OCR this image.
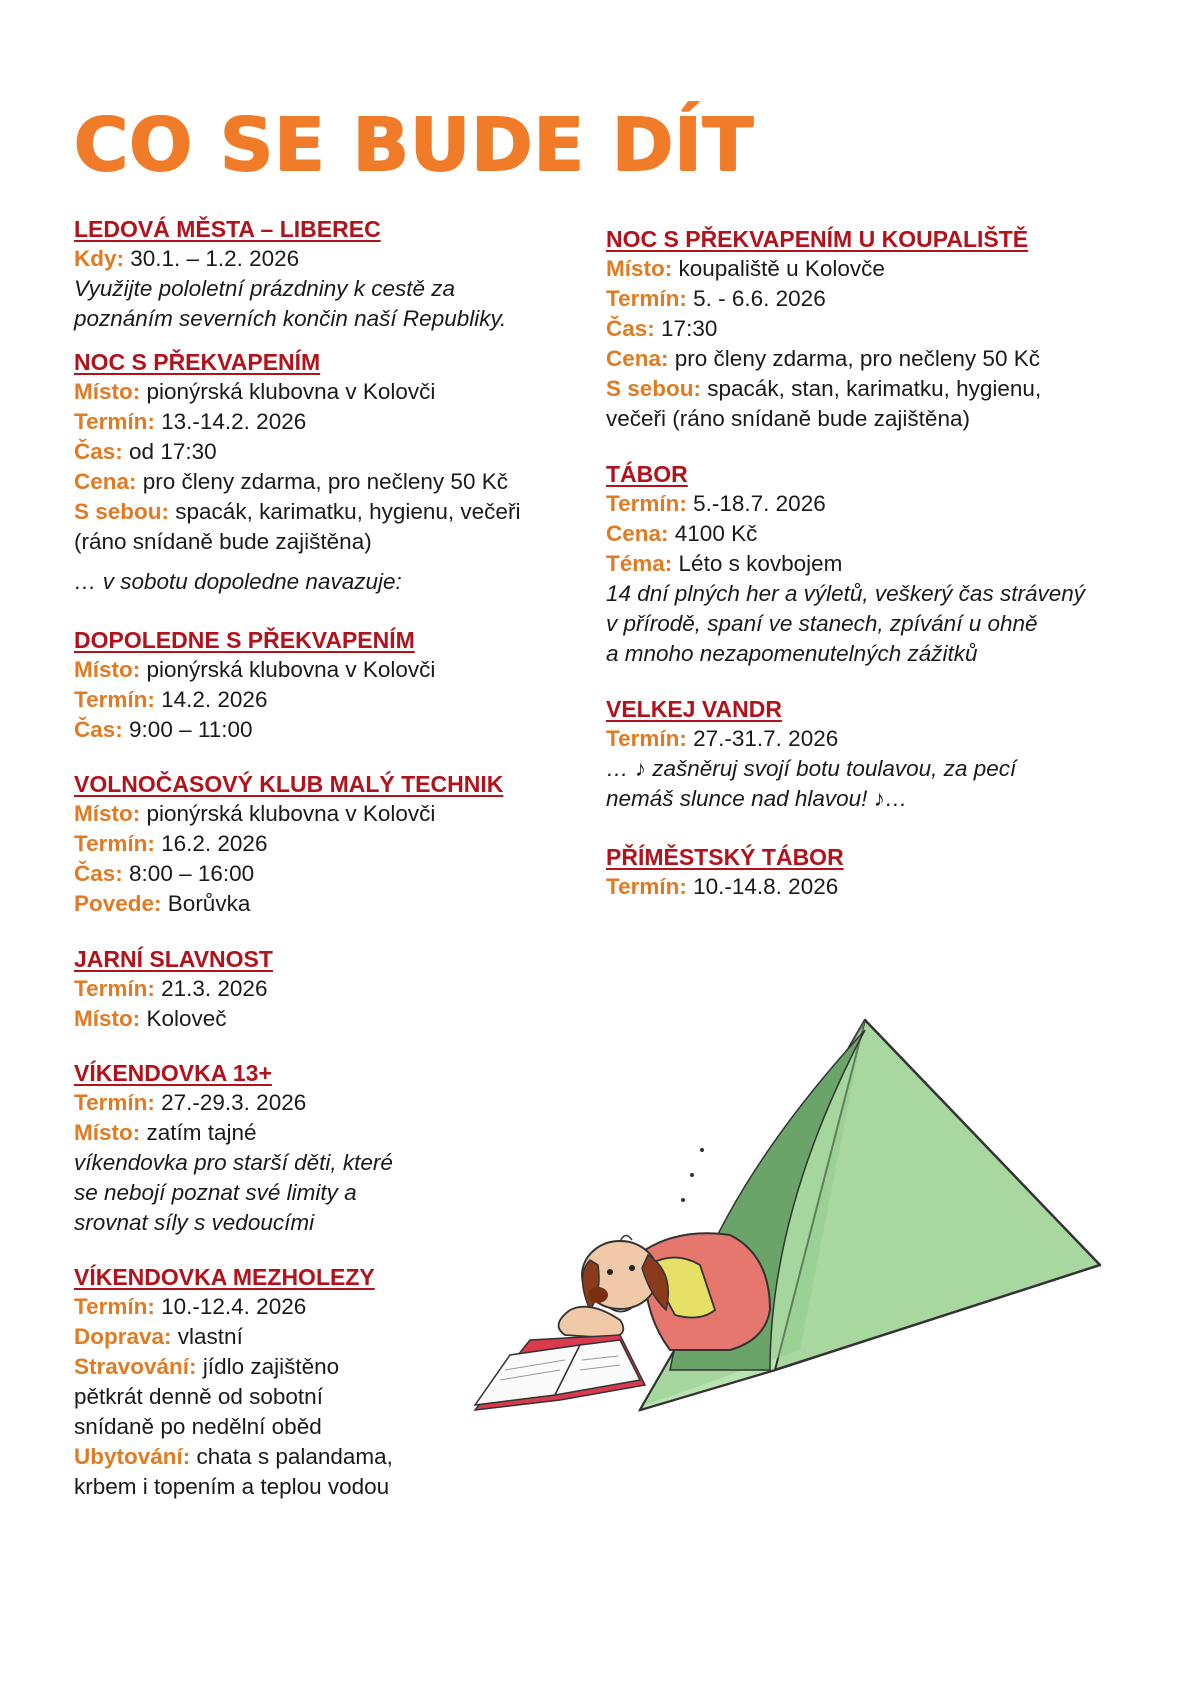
CO SE BUDE DÍT
LEDOVÁ MĚSTA – LIBEREC

Kdy: 30.1. – 1.2. 2026

Využijte pololetní prázdniny k cestě za

poznáním severních končin naší Republiky.

NOC S PŘEKVAPENÍM

Místo: pionýrská klubovna v Kolovči

Termín: 13.-14.2. 2026

Čas: od 17:30

Cena: pro členy zdarma, pro nečleny 50 Kč

S sebou: spacák, karimatku, hygienu, večeři

(ráno snídaně bude zajištěna)

… v sobotu dopoledne navazuje:

DOPOLEDNE S PŘEKVAPENÍM

Místo: pionýrská klubovna v Kolovči

Termín: 14.2. 2026

Čas: 9:00 – 11:00

VOLNOČASOVÝ KLUB MALÝ TECHNIK

Místo: pionýrská klubovna v Kolovči

Termín: 16.2. 2026

Čas: 8:00 – 16:00

Povede: Borůvka

JARNÍ SLAVNOST

Termín: 21.3. 2026

Místo: Koloveč

VÍKENDOVKA 13+

Termín: 27.-29.3. 2026

Místo: zatím tajné

víkendovka pro starší děti, které

se nebojí poznat své limity a

srovnat síly s vedoucími

VÍKENDOVKA MEZHOLEZY

Termín: 10.-12.4. 2026

Doprava: vlastní

Stravování: jídlo zajištěno

pětkrát denně od sobotní

snídaně po nedělní oběd

Ubytování: chata s palandama,

krbem i topením a teplou vodou

NOC S PŘEKVAPENÍM U KOUPALIŠTĚ

Místo: koupaliště u Kolovče

Termín: 5. - 6.6. 2026

Čas: 17:30

Cena: pro členy zdarma, pro nečleny 50 Kč

S sebou: spacák, stan, karimatku, hygienu,

večeři (ráno snídaně bude zajištěna)

TÁBOR

Termín: 5.-18.7. 2026

Cena: 4100 Kč

Téma: Léto s kovbojem

14 dní plných her a výletů, veškerý čas strávený

v přírodě, spaní ve stanech, zpívání u ohně

a mnoho nezapomenutelných zážitků

VELKEJ VANDR

Termín: 27.-31.7. 2026

… ♪ zašněruj svojí botu toulavou, za pecí

nemáš slunce nad hlavou! ♪…

PŘÍMĚSTSKÝ TÁBOR

Termín: 10.-14.8. 2026
